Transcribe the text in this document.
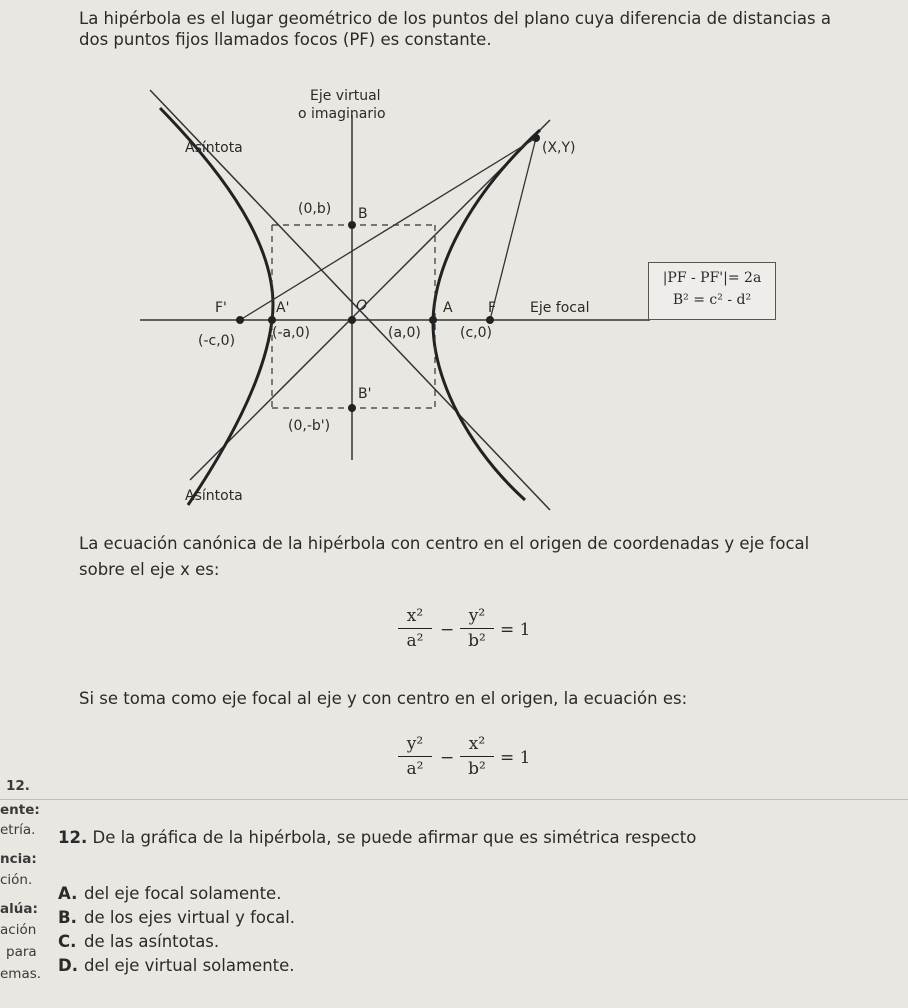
La hipérbola es el lugar geométrico de los puntos del plano cuya diferencia de distancias a
dos puntos fijos llamados focos (PF) es constante.
Eje virtual
o imaginario
Asíntota
Asíntota
(X,Y)
(0,b) B
F'	A'	O	A	F Eje focal
(-c,0)	(-a,0)	(a,0)	(c,0)
B'
(0,-b')
|PF - PF'|= 2a
B² = c² - d²
La ecuación canónica de la hipérbola con centro en el origen de coordenadas y eje focal
sobre el eje x es:
x²
a²
−
y²
b²
= 1
Si se toma como eje focal al eje y con centro en el origen, la ecuación es:
y²
a²
−
x²
b²
= 1
12.
ente:
etría.
ncia:
ción.
alúa:
ación
para
emas.
12. De la gráfica de la hipérbola, se puede afirmar que es simétrica respecto
A. del eje focal solamente.
B. de los ejes virtual y focal.
C. de las asíntotas.
D. del eje virtual solamente.
